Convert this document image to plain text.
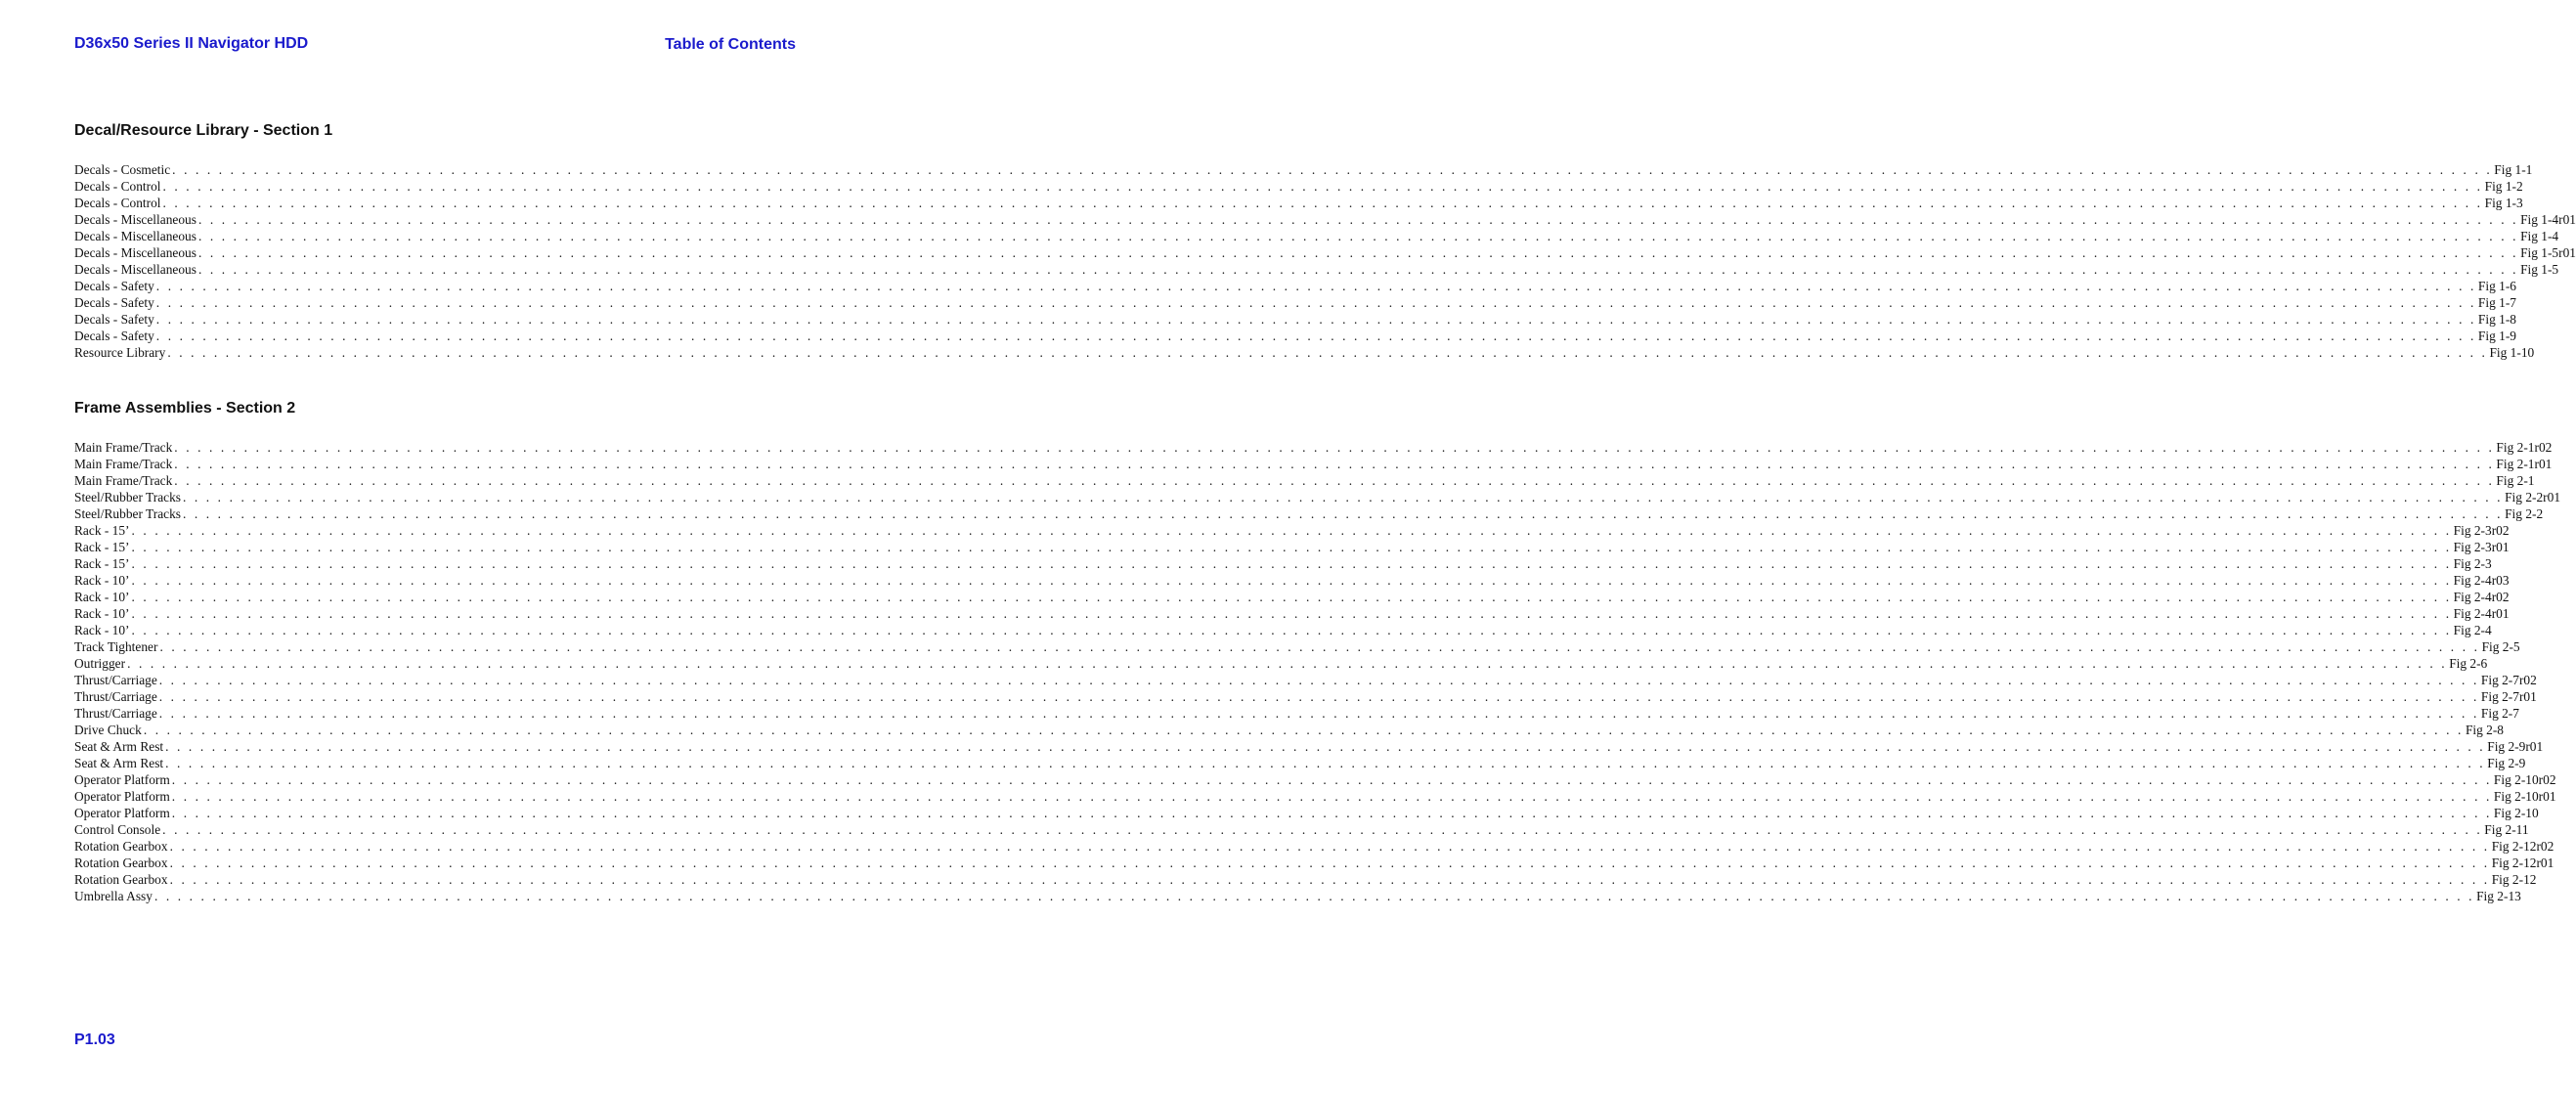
D36x50 Series II Navigator HDD	Table of Contents
Decal/Resource Library - Section 1
Decals - Cosmetic . . . . . . . . . . . . . . . . . . . . . . . . . . . . . . . . . . . . . . . . . . . . . . . . . . . . . . . . . . . . . . . . . . . . . . . . . . . . . . . . . . . . . . . . . . . . . . . . . . . . . . . . . . . . . . . . . . . . . . . . . . . . . . . . . . . . . . . . . . . . . . . . . . . . . . . . . . . . . . . . . . . . . . . . . . . . . . . . . . . . . . . . . . . . . . . . . . . . . . . . Fig 1-1
Decals - Control . . . . . . . . . . . . . . . . . . . . . . . . . . . . . . . . . . . . . . . . . . . . . . . . . . . . . . . . . . . . . . . . . . . . . . . . . . . . . . . . . . . . . . . . . . . . . . . . . . . . . . . . . . . . . . . . . . . . . . . . . . . . . . . . . . . . . . . . . . . . . . . . . . . . . . . . . . . . . . . . . . . . . . . . . . . . . . . . . . . . . . . . . . . . . . . . . . . . . . . . Fig 1-2
Decals - Control . . . . . . . . . . . . . . . . . . . . . . . . . . . . . . . . . . . . . . . . . . . . . . . . . . . . . . . . . . . . . . . . . . . . . . . . . . . . . . . . . . . . . . . . . . . . . . . . . . . . . . . . . . . . . . . . . . . . . . . . . . . . . . . . . . . . . . . . . . . . . . . . . . . . . . . . . . . . . . . . . . . . . . . . . . . . . . . . . . . . . . . . . . . . . . . . . . . . . . . . Fig 1-3
Decals - Miscellaneous . . . . . . . . . . . . . . . . . . . . . . . . . . . . . . . . . . . . . . . . . . . . . . . . . . . . . . . . . . . . . . . . . . . . . . . . . . . . . . . . . . . . . . . . . . . . . . . . . . . . . . . . . . . . . . . . . . . . . . . . . . . . . . . . . . . . . . . . . . . . . . . . . . . . . . . . . . . . . . . . . . . . . . . . . . . . . . . . . . . . . . . . . . . . . . . . . . . . . . . . Fig 1-4r01
Decals - Miscellaneous . . . . . . . . . . . . . . . . . . . . . . . . . . . . . . . . . . . . . . . . . . . . . . . . . . . . . . . . . . . . . . . . . . . . . . . . . . . . . . . . . . . . . . . . . . . . . . . . . . . . . . . . . . . . . . . . . . . . . . . . . . . . . . . . . . . . . . . . . . . . . . . . . . . . . . . . . . . . . . . . . . . . . . . . . . . . . . . . . . . . . . . . . . . . . . . . . . . . . . . . Fig 1-4
Decals - Miscellaneous . . . . . . . . . . . . . . . . . . . . . . . . . . . . . . . . . . . . . . . . . . . . . . . . . . . . . . . . . . . . . . . . . . . . . . . . . . . . . . . . . . . . . . . . . . . . . . . . . . . . . . . . . . . . . . . . . . . . . . . . . . . . . . . . . . . . . . . . . . . . . . . . . . . . . . . . . . . . . . . . . . . . . . . . . . . . . . . . . . . . . . . . . . . . . . . . . . . . . . . . Fig 1-5r01
Decals - Miscellaneous . . . . . . . . . . . . . . . . . . . . . . . . . . . . . . . . . . . . . . . . . . . . . . . . . . . . . . . . . . . . . . . . . . . . . . . . . . . . . . . . . . . . . . . . . . . . . . . . . . . . . . . . . . . . . . . . . . . . . . . . . . . . . . . . . . . . . . . . . . . . . . . . . . . . . . . . . . . . . . . . . . . . . . . . . . . . . . . . . . . . . . . . . . . . . . . . . . . . . . . . Fig 1-5
Decals - Safety . . . . . . . . . . . . . . . . . . . . . . . . . . . . . . . . . . . . . . . . . . . . . . . . . . . . . . . . . . . . . . . . . . . . . . . . . . . . . . . . . . . . . . . . . . . . . . . . . . . . . . . . . . . . . . . . . . . . . . . . . . . . . . . . . . . . . . . . . . . . . . . . . . . . . . . . . . . . . . . . . . . . . . . . . . . . . . . . . . . . . . . . . . . . . . . . . . . . . . . . Fig 1-6
Decals - Safety . . . . . . . . . . . . . . . . . . . . . . . . . . . . . . . . . . . . . . . . . . . . . . . . . . . . . . . . . . . . . . . . . . . . . . . . . . . . . . . . . . . . . . . . . . . . . . . . . . . . . . . . . . . . . . . . . . . . . . . . . . . . . . . . . . . . . . . . . . . . . . . . . . . . . . . . . . . . . . . . . . . . . . . . . . . . . . . . . . . . . . . . . . . . . . . . . . . . . . . . Fig 1-7
Decals - Safety . . . . . . . . . . . . . . . . . . . . . . . . . . . . . . . . . . . . . . . . . . . . . . . . . . . . . . . . . . . . . . . . . . . . . . . . . . . . . . . . . . . . . . . . . . . . . . . . . . . . . . . . . . . . . . . . . . . . . . . . . . . . . . . . . . . . . . . . . . . . . . . . . . . . . . . . . . . . . . . . . . . . . . . . . . . . . . . . . . . . . . . . . . . . . . . . . . . . . . . . Fig 1-8
Decals - Safety . . . . . . . . . . . . . . . . . . . . . . . . . . . . . . . . . . . . . . . . . . . . . . . . . . . . . . . . . . . . . . . . . . . . . . . . . . . . . . . . . . . . . . . . . . . . . . . . . . . . . . . . . . . . . . . . . . . . . . . . . . . . . . . . . . . . . . . . . . . . . . . . . . . . . . . . . . . . . . . . . . . . . . . . . . . . . . . . . . . . . . . . . . . . . . . . . . . . . . . . Fig 1-9
Resource Library . . . . . . . . . . . . . . . . . . . . . . . . . . . . . . . . . . . . . . . . . . . . . . . . . . . . . . . . . . . . . . . . . . . . . . . . . . . . . . . . . . . . . . . . . . . . . . . . . . . . . . . . . . . . . . . . . . . . . . . . . . . . . . . . . . . . . . . . . . . . . . . . . . . . . . . . . . . . . . . . . . . . . . . . . . . . . . . . . . . . . . . . . . . . . . . . . . . . . . . . Fig 1-10
Frame Assemblies - Section 2
Main Frame/Track . . . . . . . . . . . . . . . . . . . . . . . . . . . . . . . . . . . . . . . . . . . . . . . . . . . . . . . . . . . . . . . . . . . . . . . . . . . . . . . . . . . . . . . . . . . . . . . . . . . . . . . . . . . . . . . . . . . . . . . . . . . . . . . . . . . . . . . . . . . . . . . . . . . . . . . . . . . . . . . . . . . . . . . . . . . . . . . . . . . . . . . . . . . . . . . . . . . . . . . . Fig 2-1r02
Main Frame/Track . . . . . . . . . . . . . . . . . . . . . . . . . . . . . . . . . . . . . . . . . . . . . . . . . . . . . . . . . . . . . . . . . . . . . . . . . . . . . . . . . . . . . . . . . . . . . . . . . . . . . . . . . . . . . . . . . . . . . . . . . . . . . . . . . . . . . . . . . . . . . . . . . . . . . . . . . . . . . . . . . . . . . . . . . . . . . . . . . . . . . . . . . . . . . . . . . . . . . . . . Fig 2-1r01
Main Frame/Track . . . . . . . . . . . . . . . . . . . . . . . . . . . . . . . . . . . . . . . . . . . . . . . . . . . . . . . . . . . . . . . . . . . . . . . . . . . . . . . . . . . . . . . . . . . . . . . . . . . . . . . . . . . . . . . . . . . . . . . . . . . . . . . . . . . . . . . . . . . . . . . . . . . . . . . . . . . . . . . . . . . . . . . . . . . . . . . . . . . . . . . . . . . . . . . . . . . . . . . . Fig 2-1
Steel/Rubber Tracks . . . . . . . . . . . . . . . . . . . . . . . . . . . . . . . . . . . . . . . . . . . . . . . . . . . . . . . . . . . . . . . . . . . . . . . . . . . . . . . . . . . . . . . . . . . . . . . . . . . . . . . . . . . . . . . . . . . . . . . . . . . . . . . . . . . . . . . . . . . . . . . . . . . . . . . . . . . . . . . . . . . . . . . . . . . . . . . . . . . . . . . . . . . . . . . . . . . . . . . . Fig 2-2r01
Steel/Rubber Tracks . . . . . . . . . . . . . . . . . . . . . . . . . . . . . . . . . . . . . . . . . . . . . . . . . . . . . . . . . . . . . . . . . . . . . . . . . . . . . . . . . . . . . . . . . . . . . . . . . . . . . . . . . . . . . . . . . . . . . . . . . . . . . . . . . . . . . . . . . . . . . . . . . . . . . . . . . . . . . . . . . . . . . . . . . . . . . . . . . . . . . . . . . . . . . . . . . . . . . . . . Fig 2-2
Rack - 15’ . . . . . . . . . . . . . . . . . . . . . . . . . . . . . . . . . . . . . . . . . . . . . . . . . . . . . . . . . . . . . . . . . . . . . . . . . . . . . . . . . . . . . . . . . . . . . . . . . . . . . . . . . . . . . . . . . . . . . . . . . . . . . . . . . . . . . . . . . . . . . . . . . . . . . . . . . . . . . . . . . . . . . . . . . . . . . . . . . . . . . . . . . . . . . . . . . . . . . . . . Fig 2-3r02
Rack - 15’ . . . . . . . . . . . . . . . . . . . . . . . . . . . . . . . . . . . . . . . . . . . . . . . . . . . . . . . . . . . . . . . . . . . . . . . . . . . . . . . . . . . . . . . . . . . . . . . . . . . . . . . . . . . . . . . . . . . . . . . . . . . . . . . . . . . . . . . . . . . . . . . . . . . . . . . . . . . . . . . . . . . . . . . . . . . . . . . . . . . . . . . . . . . . . . . . . . . . . . . . Fig 2-3r01
Rack - 15’ . . . . . . . . . . . . . . . . . . . . . . . . . . . . . . . . . . . . . . . . . . . . . . . . . . . . . . . . . . . . . . . . . . . . . . . . . . . . . . . . . . . . . . . . . . . . . . . . . . . . . . . . . . . . . . . . . . . . . . . . . . . . . . . . . . . . . . . . . . . . . . . . . . . . . . . . . . . . . . . . . . . . . . . . . . . . . . . . . . . . . . . . . . . . . . . . . . . . . . . . Fig 2-3
Rack - 10’ . . . . . . . . . . . . . . . . . . . . . . . . . . . . . . . . . . . . . . . . . . . . . . . . . . . . . . . . . . . . . . . . . . . . . . . . . . . . . . . . . . . . . . . . . . . . . . . . . . . . . . . . . . . . . . . . . . . . . . . . . . . . . . . . . . . . . . . . . . . . . . . . . . . . . . . . . . . . . . . . . . . . . . . . . . . . . . . . . . . . . . . . . . . . . . . . . . . . . . . . Fig 2-4r03
Rack - 10’ . . . . . . . . . . . . . . . . . . . . . . . . . . . . . . . . . . . . . . . . . . . . . . . . . . . . . . . . . . . . . . . . . . . . . . . . . . . . . . . . . . . . . . . . . . . . . . . . . . . . . . . . . . . . . . . . . . . . . . . . . . . . . . . . . . . . . . . . . . . . . . . . . . . . . . . . . . . . . . . . . . . . . . . . . . . . . . . . . . . . . . . . . . . . . . . . . . . . . . . . Fig 2-4r02
Rack - 10’ . . . . . . . . . . . . . . . . . . . . . . . . . . . . . . . . . . . . . . . . . . . . . . . . . . . . . . . . . . . . . . . . . . . . . . . . . . . . . . . . . . . . . . . . . . . . . . . . . . . . . . . . . . . . . . . . . . . . . . . . . . . . . . . . . . . . . . . . . . . . . . . . . . . . . . . . . . . . . . . . . . . . . . . . . . . . . . . . . . . . . . . . . . . . . . . . . . . . . . . . Fig 2-4r01
Rack - 10’ . . . . . . . . . . . . . . . . . . . . . . . . . . . . . . . . . . . . . . . . . . . . . . . . . . . . . . . . . . . . . . . . . . . . . . . . . . . . . . . . . . . . . . . . . . . . . . . . . . . . . . . . . . . . . . . . . . . . . . . . . . . . . . . . . . . . . . . . . . . . . . . . . . . . . . . . . . . . . . . . . . . . . . . . . . . . . . . . . . . . . . . . . . . . . . . . . . . . . . . . Fig 2-4
Track Tightener . . . . . . . . . . . . . . . . . . . . . . . . . . . . . . . . . . . . . . . . . . . . . . . . . . . . . . . . . . . . . . . . . . . . . . . . . . . . . . . . . . . . . . . . . . . . . . . . . . . . . . . . . . . . . . . . . . . . . . . . . . . . . . . . . . . . . . . . . . . . . . . . . . . . . . . . . . . . . . . . . . . . . . . . . . . . . . . . . . . . . . . . . . . . . . . . . . . . . . . . Fig 2-5
Outrigger . . . . . . . . . . . . . . . . . . . . . . . . . . . . . . . . . . . . . . . . . . . . . . . . . . . . . . . . . . . . . . . . . . . . . . . . . . . . . . . . . . . . . . . . . . . . . . . . . . . . . . . . . . . . . . . . . . . . . . . . . . . . . . . . . . . . . . . . . . . . . . . . . . . . . . . . . . . . . . . . . . . . . . . . . . . . . . . . . . . . . . . . . . . . . . . . . . . . . . . . Fig 2-6
Thrust/Carriage . . . . . . . . . . . . . . . . . . . . . . . . . . . . . . . . . . . . . . . . . . . . . . . . . . . . . . . . . . . . . . . . . . . . . . . . . . . . . . . . . . . . . . . . . . . . . . . . . . . . . . . . . . . . . . . . . . . . . . . . . . . . . . . . . . . . . . . . . . . . . . . . . . . . . . . . . . . . . . . . . . . . . . . . . . . . . . . . . . . . . . . . . . . . . . . . . . . . . . . . Fig 2-7r02
Thrust/Carriage . . . . . . . . . . . . . . . . . . . . . . . . . . . . . . . . . . . . . . . . . . . . . . . . . . . . . . . . . . . . . . . . . . . . . . . . . . . . . . . . . . . . . . . . . . . . . . . . . . . . . . . . . . . . . . . . . . . . . . . . . . . . . . . . . . . . . . . . . . . . . . . . . . . . . . . . . . . . . . . . . . . . . . . . . . . . . . . . . . . . . . . . . . . . . . . . . . . . . . . . Fig 2-7r01
Thrust/Carriage . . . . . . . . . . . . . . . . . . . . . . . . . . . . . . . . . . . . . . . . . . . . . . . . . . . . . . . . . . . . . . . . . . . . . . . . . . . . . . . . . . . . . . . . . . . . . . . . . . . . . . . . . . . . . . . . . . . . . . . . . . . . . . . . . . . . . . . . . . . . . . . . . . . . . . . . . . . . . . . . . . . . . . . . . . . . . . . . . . . . . . . . . . . . . . . . . . . . . . . . Fig 2-7
Drive Chuck . . . . . . . . . . . . . . . . . . . . . . . . . . . . . . . . . . . . . . . . . . . . . . . . . . . . . . . . . . . . . . . . . . . . . . . . . . . . . . . . . . . . . . . . . . . . . . . . . . . . . . . . . . . . . . . . . . . . . . . . . . . . . . . . . . . . . . . . . . . . . . . . . . . . . . . . . . . . . . . . . . . . . . . . . . . . . . . . . . . . . . . . . . . . . . . . . . . . . . . . Fig 2-8
Seat & Arm Rest . . . . . . . . . . . . . . . . . . . . . . . . . . . . . . . . . . . . . . . . . . . . . . . . . . . . . . . . . . . . . . . . . . . . . . . . . . . . . . . . . . . . . . . . . . . . . . . . . . . . . . . . . . . . . . . . . . . . . . . . . . . . . . . . . . . . . . . . . . . . . . . . . . . . . . . . . . . . . . . . . . . . . . . . . . . . . . . . . . . . . . . . . . . . . . . . . . . . . . . . Fig 2-9r01
Seat & Arm Rest . . . . . . . . . . . . . . . . . . . . . . . . . . . . . . . . . . . . . . . . . . . . . . . . . . . . . . . . . . . . . . . . . . . . . . . . . . . . . . . . . . . . . . . . . . . . . . . . . . . . . . . . . . . . . . . . . . . . . . . . . . . . . . . . . . . . . . . . . . . . . . . . . . . . . . . . . . . . . . . . . . . . . . . . . . . . . . . . . . . . . . . . . . . . . . . . . . . . . . . . Fig 2-9
Operator Platform . . . . . . . . . . . . . . . . . . . . . . . . . . . . . . . . . . . . . . . . . . . . . . . . . . . . . . . . . . . . . . . . . . . . . . . . . . . . . . . . . . . . . . . . . . . . . . . . . . . . . . . . . . . . . . . . . . . . . . . . . . . . . . . . . . . . . . . . . . . . . . . . . . . . . . . . . . . . . . . . . . . . . . . . . . . . . . . . . . . . . . . . . . . . . . . . . . . . . . . . Fig 2-10r02
Operator Platform . . . . . . . . . . . . . . . . . . . . . . . . . . . . . . . . . . . . . . . . . . . . . . . . . . . . . . . . . . . . . . . . . . . . . . . . . . . . . . . . . . . . . . . . . . . . . . . . . . . . . . . . . . . . . . . . . . . . . . . . . . . . . . . . . . . . . . . . . . . . . . . . . . . . . . . . . . . . . . . . . . . . . . . . . . . . . . . . . . . . . . . . . . . . . . . . . . . . . . . . Fig 2-10r01
Operator Platform . . . . . . . . . . . . . . . . . . . . . . . . . . . . . . . . . . . . . . . . . . . . . . . . . . . . . . . . . . . . . . . . . . . . . . . . . . . . . . . . . . . . . . . . . . . . . . . . . . . . . . . . . . . . . . . . . . . . . . . . . . . . . . . . . . . . . . . . . . . . . . . . . . . . . . . . . . . . . . . . . . . . . . . . . . . . . . . . . . . . . . . . . . . . . . . . . . . . . . . . Fig 2-10
Control Console . . . . . . . . . . . . . . . . . . . . . . . . . . . . . . . . . . . . . . . . . . . . . . . . . . . . . . . . . . . . . . . . . . . . . . . . . . . . . . . . . . . . . . . . . . . . . . . . . . . . . . . . . . . . . . . . . . . . . . . . . . . . . . . . . . . . . . . . . . . . . . . . . . . . . . . . . . . . . . . . . . . . . . . . . . . . . . . . . . . . . . . . . . . . . . . . . . . . . . . . Fig 2-11
Rotation Gearbox . . . . . . . . . . . . . . . . . . . . . . . . . . . . . . . . . . . . . . . . . . . . . . . . . . . . . . . . . . . . . . . . . . . . . . . . . . . . . . . . . . . . . . . . . . . . . . . . . . . . . . . . . . . . . . . . . . . . . . . . . . . . . . . . . . . . . . . . . . . . . . . . . . . . . . . . . . . . . . . . . . . . . . . . . . . . . . . . . . . . . . . . . . . . . . . . . . . . . . . . Fig 2-12r02
Rotation Gearbox . . . . . . . . . . . . . . . . . . . . . . . . . . . . . . . . . . . . . . . . . . . . . . . . . . . . . . . . . . . . . . . . . . . . . . . . . . . . . . . . . . . . . . . . . . . . . . . . . . . . . . . . . . . . . . . . . . . . . . . . . . . . . . . . . . . . . . . . . . . . . . . . . . . . . . . . . . . . . . . . . . . . . . . . . . . . . . . . . . . . . . . . . . . . . . . . . . . . . . . . Fig 2-12r01
Rotation Gearbox . . . . . . . . . . . . . . . . . . . . . . . . . . . . . . . . . . . . . . . . . . . . . . . . . . . . . . . . . . . . . . . . . . . . . . . . . . . . . . . . . . . . . . . . . . . . . . . . . . . . . . . . . . . . . . . . . . . . . . . . . . . . . . . . . . . . . . . . . . . . . . . . . . . . . . . . . . . . . . . . . . . . . . . . . . . . . . . . . . . . . . . . . . . . . . . . . . . . . . . . Fig 2-12
Umbrella Assy . . . . . . . . . . . . . . . . . . . . . . . . . . . . . . . . . . . . . . . . . . . . . . . . . . . . . . . . . . . . . . . . . . . . . . . . . . . . . . . . . . . . . . . . . . . . . . . . . . . . . . . . . . . . . . . . . . . . . . . . . . . . . . . . . . . . . . . . . . . . . . . . . . . . . . . . . . . . . . . . . . . . . . . . . . . . . . . . . . . . . . . . . . . . . . . . . . . . . . . . Fig 2-13
P1.03
